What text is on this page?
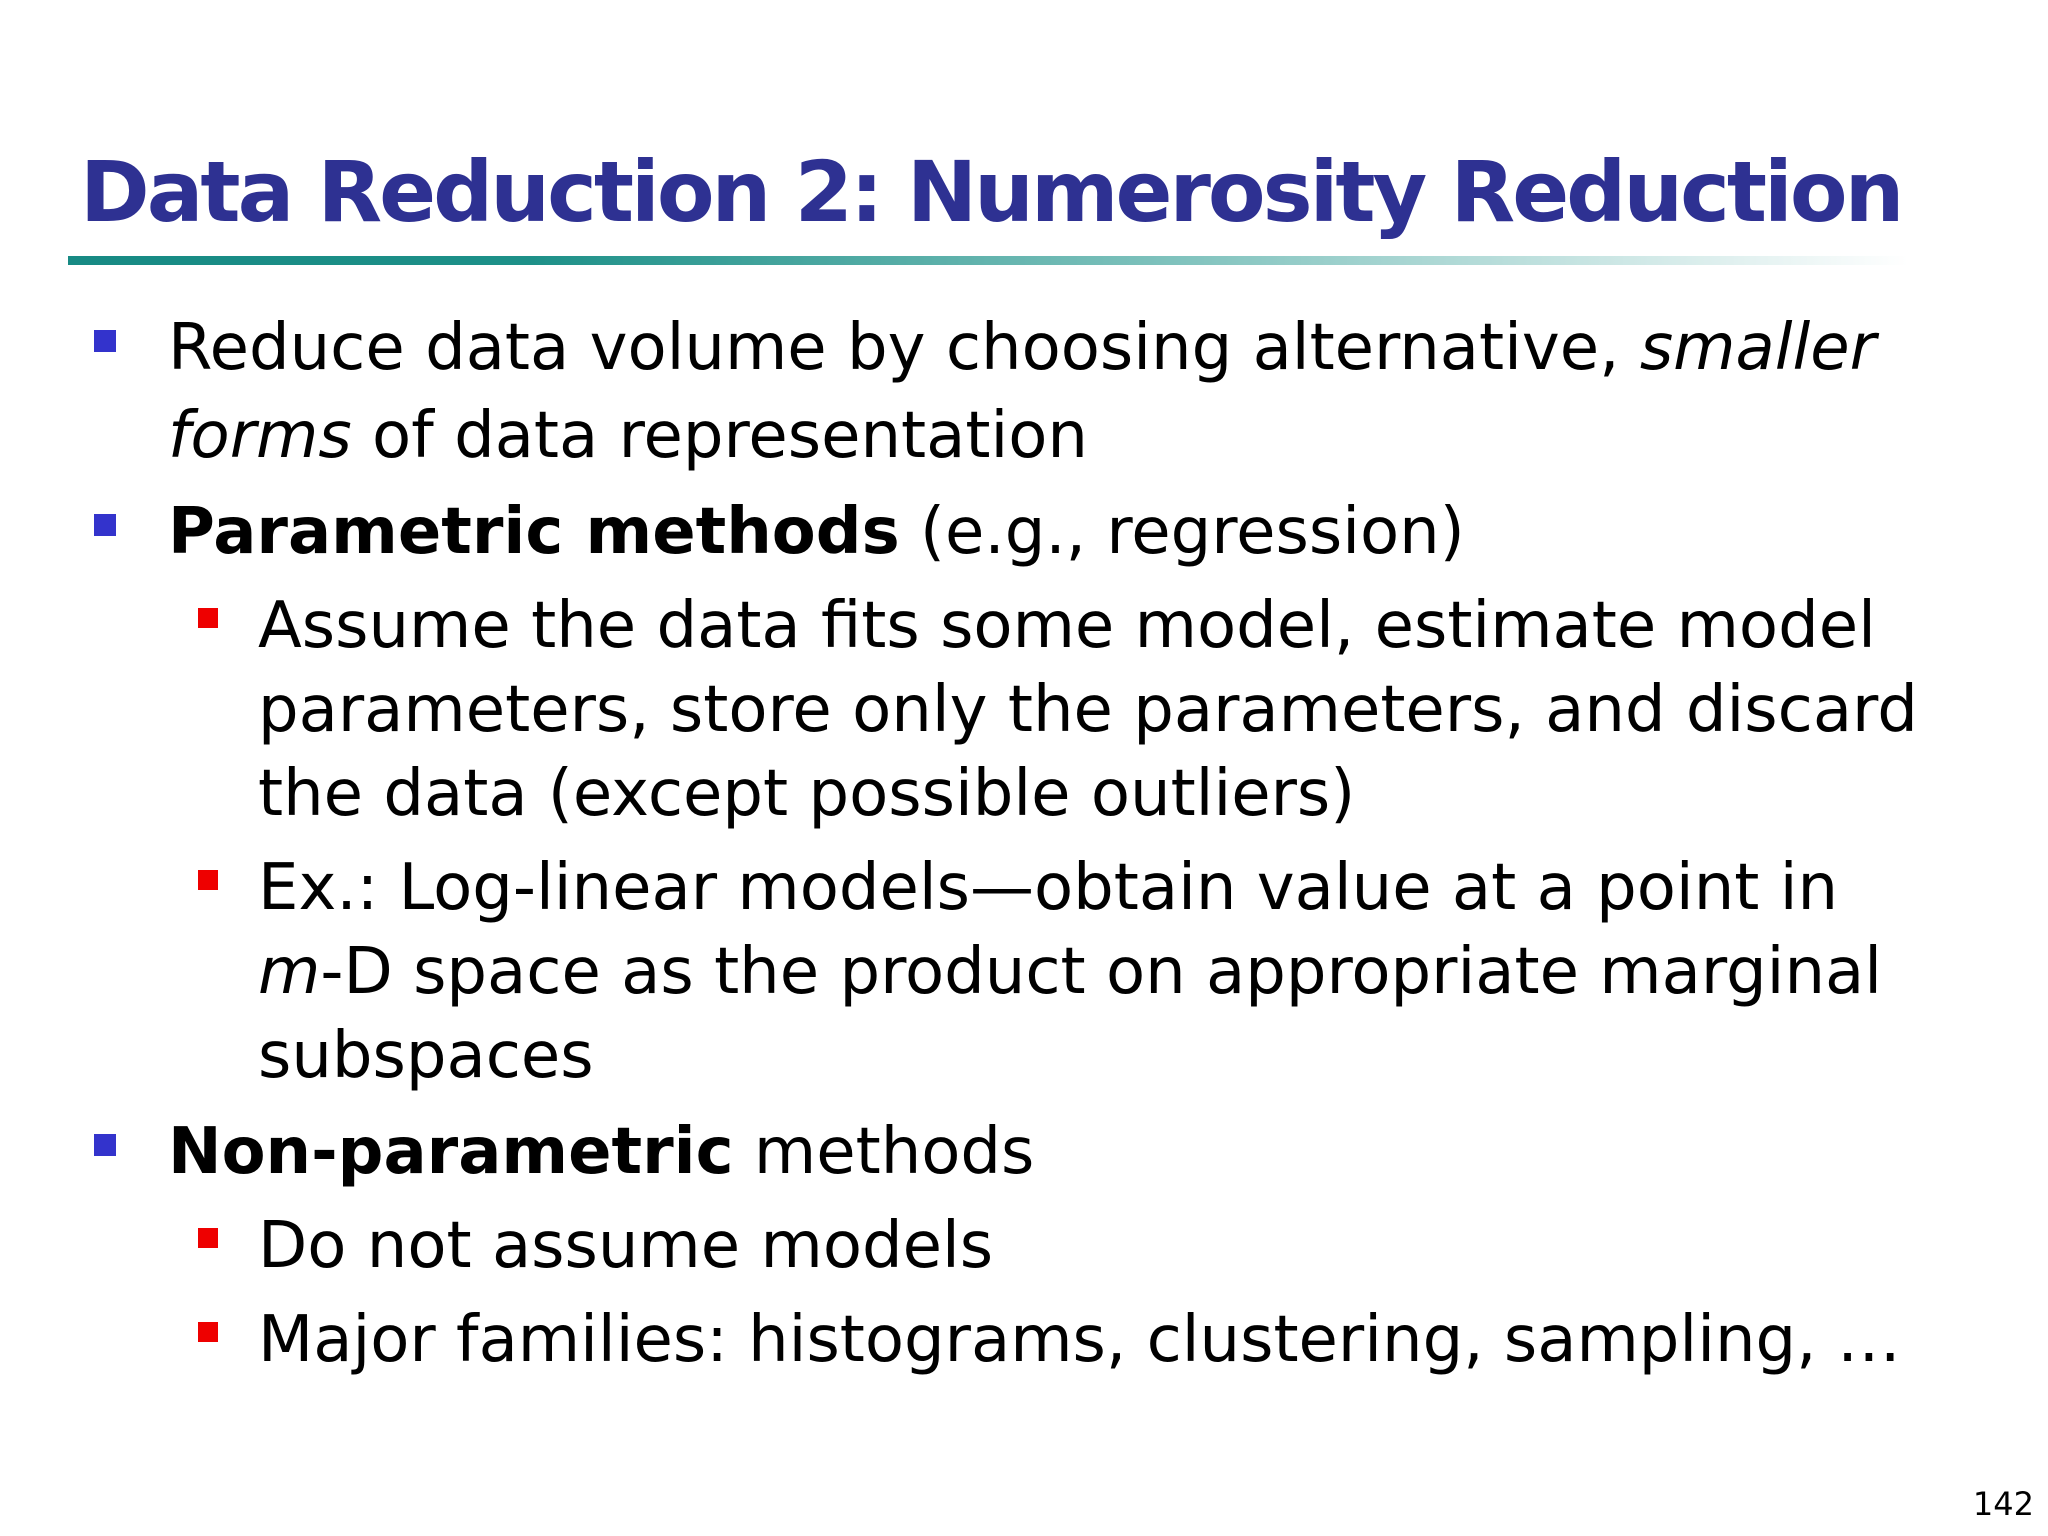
Data Reduction 2: Numerosity Reduction
Reduce data volume by choosing alternative, smaller forms of data representation
Parametric methods (e.g., regression)
Assume the data fits some model, estimate model parameters, store only the parameters, and discard the data (except possible outliers)
Ex.: Log-linear models—obtain value at a point in m-D space as the product on appropriate marginal subspaces
Non-parametric methods
Do not assume models
Major families: histograms, clustering, sampling, …
142
